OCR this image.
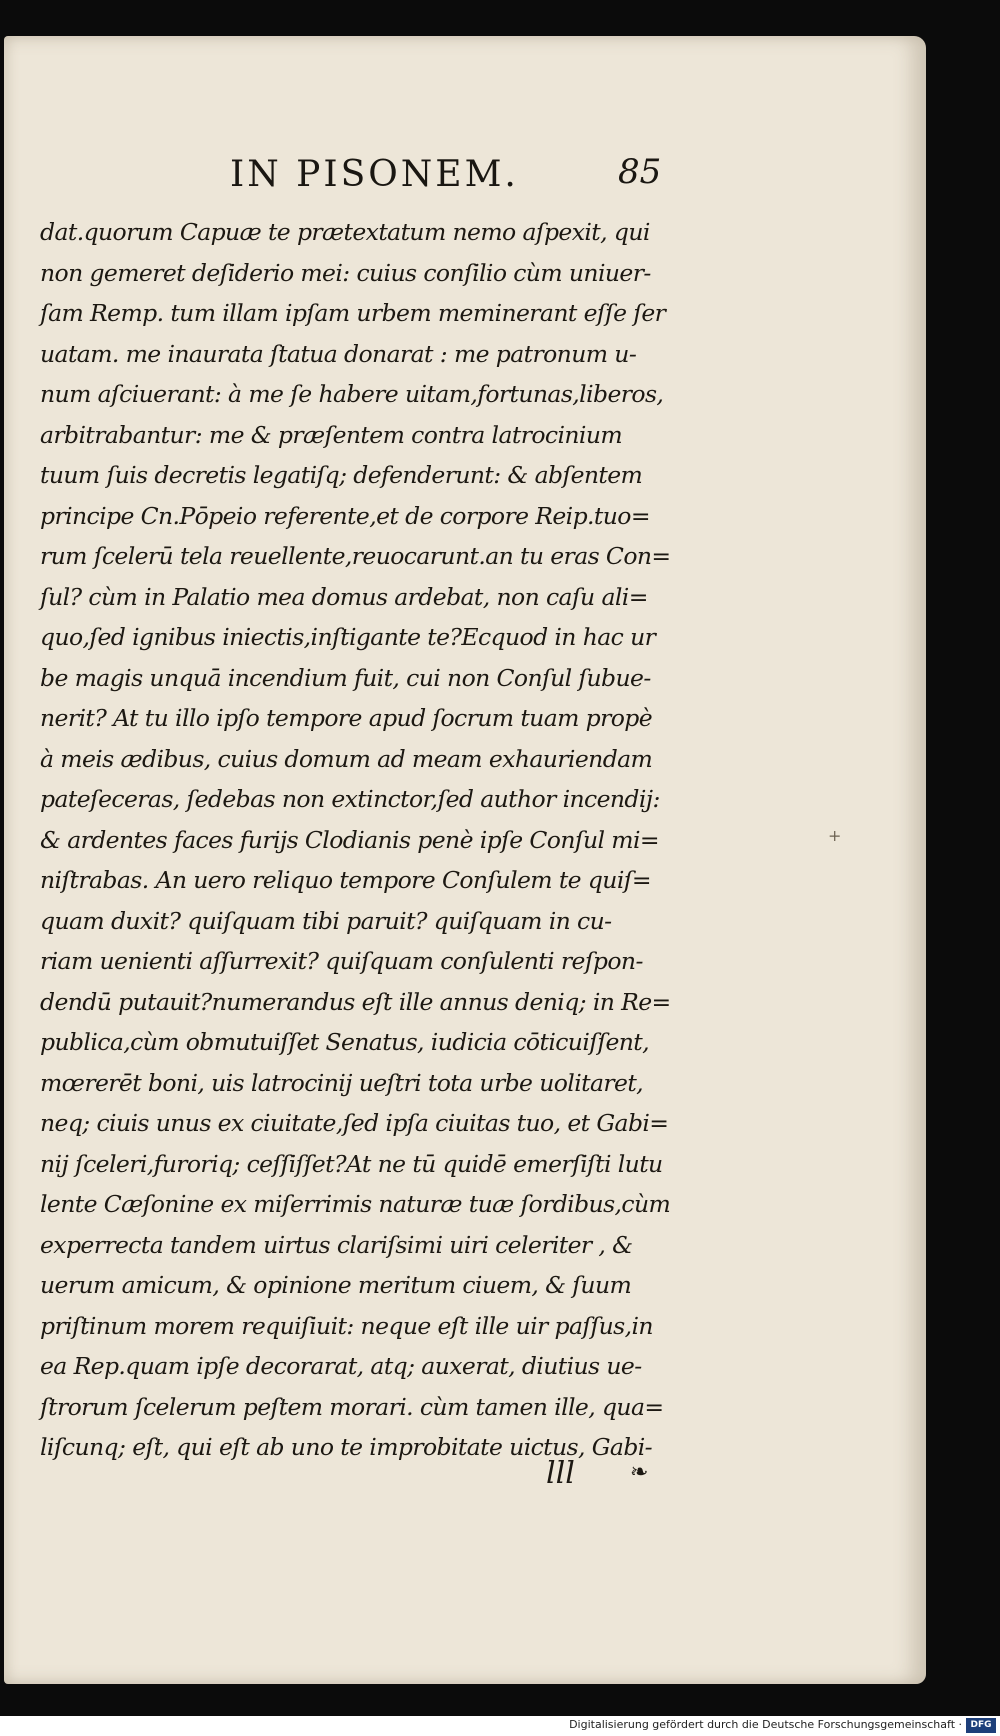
IN PISONEM.	85
dat.quorum Capuæ te prætextatum nemo aſpexit, qui
non gemeret deſiderio mei: cuius conſilio cùm uniuer-
ſam Remp. tum illam ipſam urbem meminerant eſſe ſer
uatam. me inaurata ſtatua donarat : me patronum u-
num aſciuerant: à me ſe habere uitam,fortunas,liberos,
arbitrabantur: me & præſentem contra latrocinium
tuum ſuis decretis legatiſq; defenderunt: & abſentem
principe Cn.Pōpeio referente,et de corpore Reip.tuo=
rum ſcelerū tela reuellente,reuocarunt.an tu eras Con=
ſul? cùm in Palatio mea domus ardebat, non caſu ali=
quo,ſed ignibus iniectis,inſtigante te?Ecquod in hac ur
be magis unquā incendium fuit, cui non Conſul ſubue-
nerit? At tu illo ipſo tempore apud ſocrum tuam propè
à meis ædibus, cuius domum ad meam exhauriendam
pateſeceras, ſedebas non extinctor,ſed author incendij:
& ardentes faces furijs Clodianis penè ipſe Conſul mi=
niſtrabas. An uero reliquo tempore Conſulem te quiſ=
quam duxit? quiſquam tibi paruit? quiſquam in cu-
riam uenienti aſſurrexit? quiſquam conſulenti reſpon-
dendū putauit?numerandus eſt ille annus deniq; in Re=
publica,cùm obmutuiſſet Senatus, iudicia cōticuiſſent,
mœrerēt boni, uis latrocinij ueſtri tota urbe uolitaret,
neq; ciuis unus ex ciuitate,ſed ipſa ciuitas tuo, et Gabi=
nij ſceleri,furoriq; ceſſiſſet?At ne tū quidē emerſiſti lutu
lente Cæſonine ex miſerrimis naturæ tuæ ſordibus,cùm
experrecta tandem uirtus clariſsimi uiri celeriter , &
uerum amicum, & opinione meritum ciuem, & ſuum
priſtinum morem requiſiuit: neque eſt ille uir paſſus,in
ea Rep.quam ipſe decorarat, atq; auxerat, diutius ue-
ſtrorum ſcelerum peſtem morari. cùm tamen ille, qua=
liſcunq; eſt, qui eſt ab uno te improbitate uictus, Gabi-
lll	❧
+
Digitalisierung gefördert durch die Deutsche Forschungsgemeinschaft · DFG
